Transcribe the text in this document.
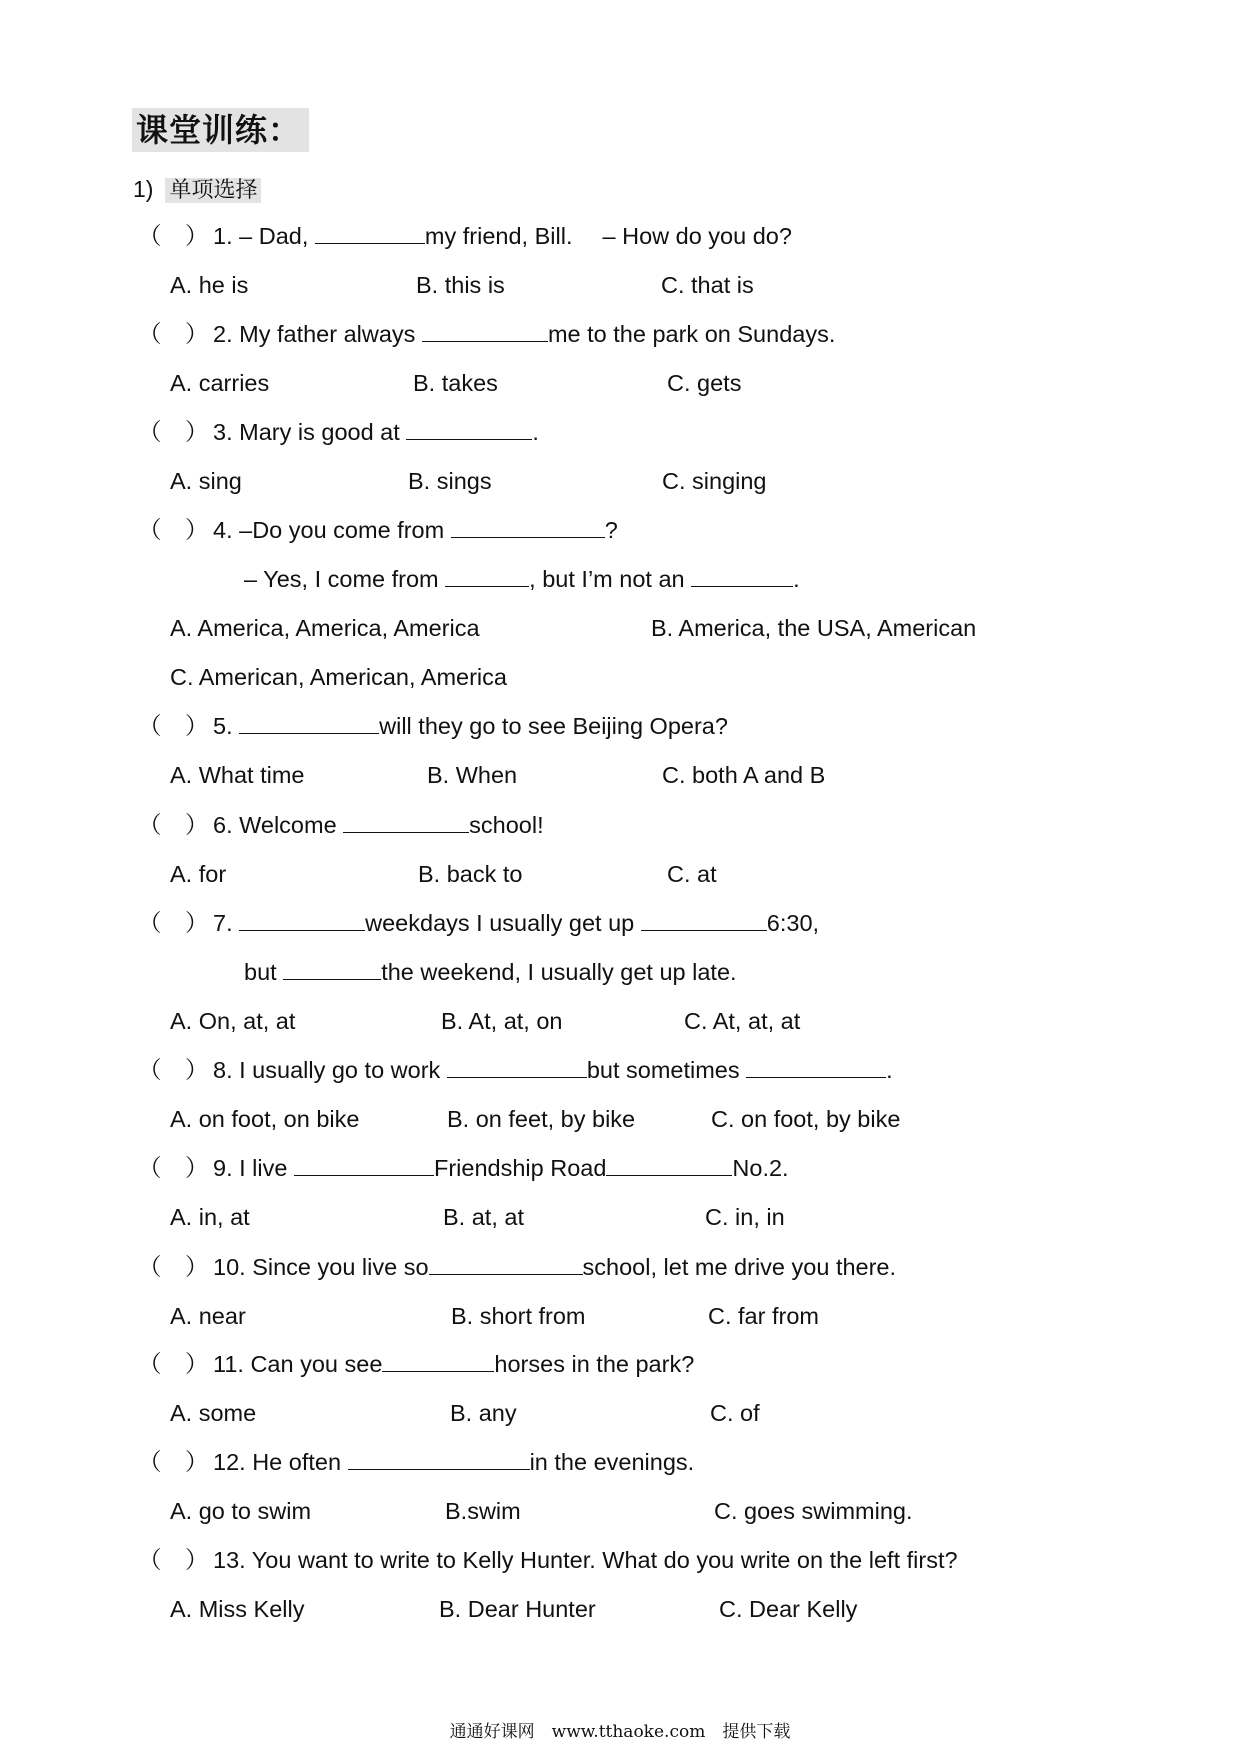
课堂训练：
1) 单项选择
（　） 1. – Dad,	my friend, Bill.　 – How do you do?
A. he is	B. this is	C. that is
（　） 2. My father always	me to the park on Sundays.
A. carries	B. takes	C. gets
（　） 3. Mary is good at	.
A. sing	B. sings	C. singing
（　） 4. –Do you come from	?
– Yes, I come from	, but I’m not an	.
A. America, America, America	B. America, the USA, American
C. American, American, America
（　） 5.	will they go to see Beijing Opera?
A. What time	B. When	C. both A and B
（　） 6. Welcome	school!
A. for	B. back to	C. at
（　） 7.	weekdays I usually get up	6:30,
but	the weekend, I usually get up late.
A. On, at, at	B. At, at, on	C. At, at, at
（　） 8. I usually go to work	but sometimes	.
A. on foot, on bike	B. on feet, by bike	C. on foot, by bike
（　） 9. I live	Friendship Road	No.2.
A. in, at	B. at, at	C. in, in
（　） 10. Since you live so	school, let me drive you there.
A. near	B. short from	C. far from
（　） 11. Can you see	horses in the park?
A. some	B. any	C. of
（　） 12. He often	in the evenings.
A. go to swim	B.swim	C. goes swimming.
（　） 13. You want to write to Kelly Hunter. What do you write on the left first?
A. Miss Kelly	B. Dear Hunter	C. Dear Kelly
通通好课网　www.tthaoke.com　提供下载
